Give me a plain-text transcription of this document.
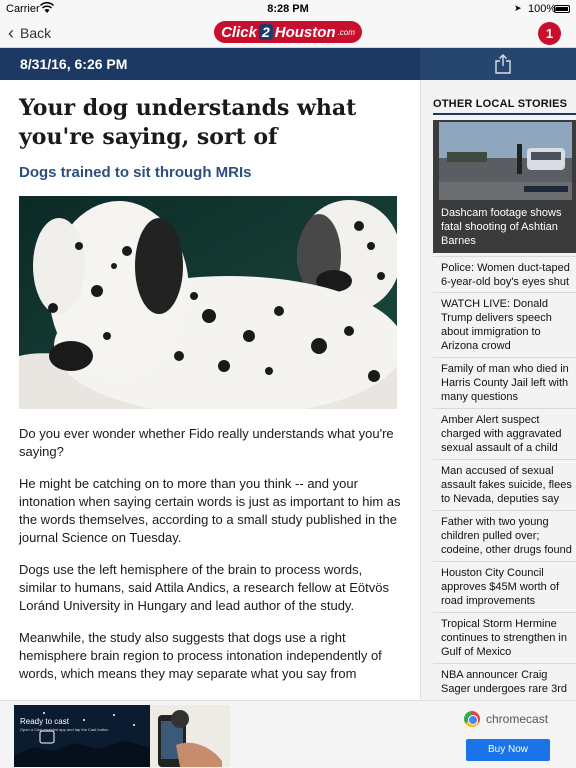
Carrier	8:28 PM	➤ 100%
‹ Back	Click 2 Houston .com	1
8/31/16, 6:26 PM
Your dog understands what you're saying, sort of
Dogs trained to sit through MRIs

Do you ever wonder whether Fido really understands what you're saying?

He might be catching on to more than you think -- and your intonation when saying certain words is just as important to him as the words themselves, according to a small study published in the journal Science on Tuesday.

Dogs use the left hemisphere of the brain to process words, similar to humans, said Attila Andics, a research fellow at Eötvös Loránd University in Hungary and lead author of the study.

Meanwhile, the study also suggests that dogs use a right hemisphere brain region to process intonation independently of words, which means they may separate what you say from

OTHER LOCAL STORIES
Dashcam footage shows fatal shooting of Ashtian Barnes
Police: Women duct-taped 6-year-old boy's eyes shut
WATCH LIVE: Donald Trump delivers speech about immigration to Arizona crowd
Family of man who died in Harris County Jail left with many questions
Amber Alert suspect charged with aggravated sexual assault of a child
Man accused of sexual assault fakes suicide, flees to Nevada, deputies say
Father with two young children pulled over; codeine, other drugs found
Houston City Council approves $45M worth of road improvements
Tropical Storm Hermine continues to strengthen in Gulf of Mexico
NBA announcer Craig Sager undergoes rare 3rd
Ready to cast
Open a Cast-enabled app and tap the Cast button
chromecast
Buy Now
